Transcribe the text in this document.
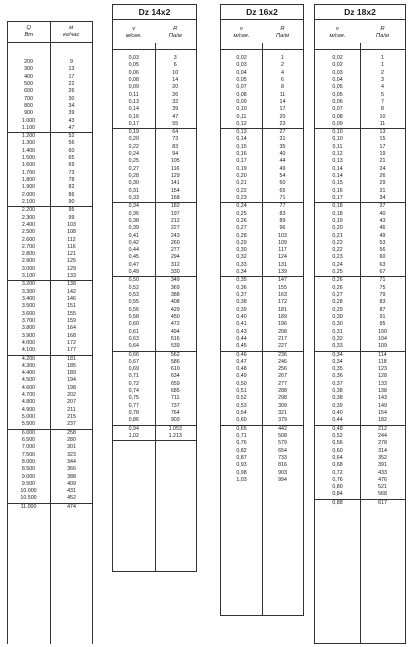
Q
Вт
м
кг/час
200	9
300	13
400	17
500	22
600	26
700	30
800	34
900	39
1.000	43
1.100	47
1.200	52
1.300	56
1.400	60
1.500	65
1.600	69
1.700	73
1.800	78
1.900	82
2.000	86
2.100	90
2.200	95
2.300	99
2.400	103
2.500	108
2.600	112
2.700	116
2.800	121
2.900	125
3.000	129
3.100	133
3.200	138
3.300	142
3.400	146
3.500	151
3.600	155
3.700	159
3.800	164
3.900	168
4.000	172
4.100	177
4.200	181
4.300	185
4.400	189
4.500	194
4.600	198
4.700	202
4.800	207
4.900	211
5.000	215
5.500	237
6.000	258
6.500	280
7.000	301
7.500	323
8.000	344
8.500	366
9.000	388
9.500	409
10.000	431
10.500	452
11.000	474
Dz 14x2
v
м/сек.
R
Па/м
0,03	3
0,05	6
0,06	10
0,08	14
0,09	20
0,11	26
0,13	32
0,14	39
0,16	47
0,17	55
0,19	64
0,20	73
0,22	83
0,24	94
0,25	105
0,27	116
0,28	129
0,30	141
0,31	154
0,33	168
0,34	182
0,36	197
0,38	212
0,39	227
0,41	243
0,42	260
0,44	277
0,45	294
0,47	312
0,49	330
0,50	349
0,52	369
0,53	388
0,55	408
0,56	429
0,58	450
0,60	472
0,61	494
0,63	516
0,64	539
0,66	562
0,67	586
0,69	610
0,71	634
0,72	659
0,74	685
0,75	711
0,77	737
0,78	764
0,86	903
0,94	1.053
1,02	1.213
Dz 16x2
v
м/сек.
R
Па/м
0,02	1
0,03	2
0,04	4
0,05	6
0,07	8
0,08	11
0,09	14
0,10	17
0,11	20
0,12	23
0,13	27
0,14	31
0,15	35
0,16	40
0,17	44
0,19	49
0,20	54
0,21	60
0,22	65
0,23	71
0,24	77
0,25	83
0,26	89
0,27	96
0,28	103
0,29	109
0,30	117
0,32	124
0,33	131
0,34	139
0,35	147
0,36	155
0,37	163
0,38	172
0,39	181
0,40	189
0,41	196
0,43	208
0,44	217
0,45	227
0,46	236
0,47	246
0,48	256
0,49	267
0,50	277
0,51	288
0,52	298
0,53	309
0,54	321
0,60	379
0,65	442
0,71	508
0,76	579
0,82	654
0,87	733
0,93	816
0,98	903
1,03	994
Dz 18x2
v
м/сек.
R
Па/м
0,02	1
0,02	1
0,03	2
0,04	3
0,05	4
0,05	5
0,06	7
0,07	8
0,08	10
0,09	11
0,10	13
0,10	15
0,11	17
0,12	19
0,13	21
0,14	24
0,14	26
0,15	29
0,16	31
0,17	34
0,18	37
0,18	40
0,19	43
0,20	46
0,21	49
0,22	53
0,22	56
0,23	60
0,24	63
0,25	67
0,26	71
0,26	75
0,27	79
0,28	83
0,29	87
0,30	91
0,30	95
0,31	100
0,32	104
0,33	109
0,34	114
0,34	118
0,35	123
0,36	128
0,37	133
0,38	138
0,38	143
0,39	149
0,40	154
0,44	182
0,48	212
0,52	244
0,56	278
0,60	314
0,64	352
0,68	391
0,72	433
0,76	476
0,80	521
0,84	568
0,88	617
